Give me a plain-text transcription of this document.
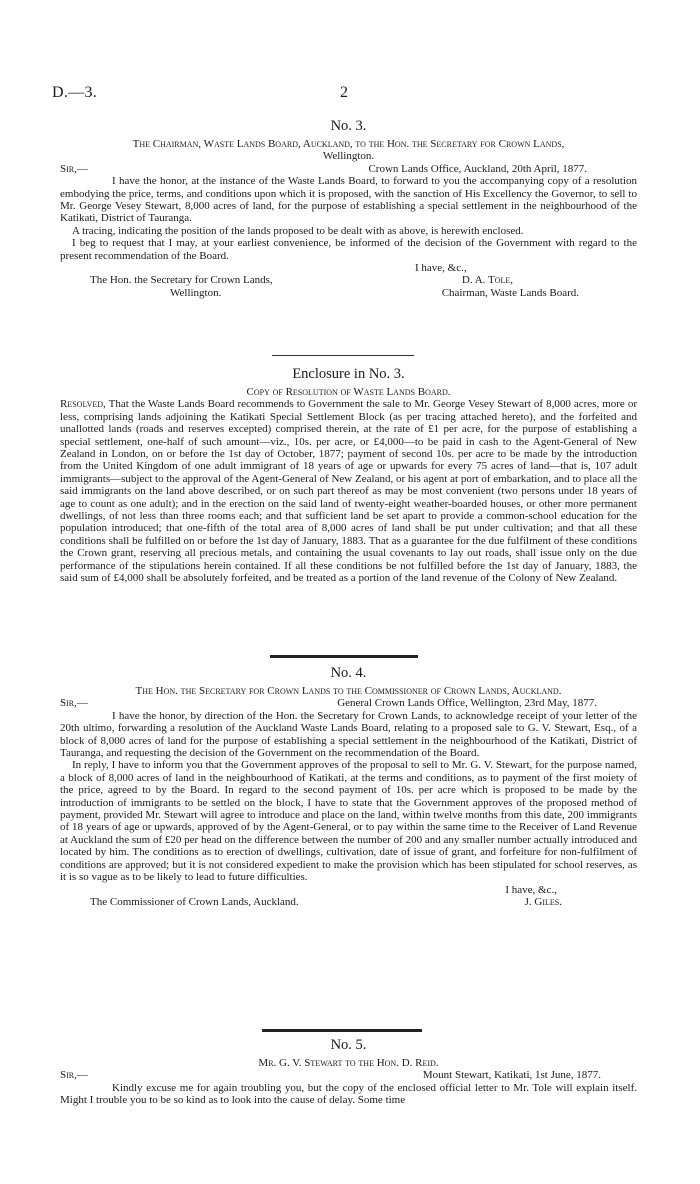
D.—3.	2
No. 3.
The Chairman, Waste Lands Board, Auckland, to the Hon. the Secretary for Crown Lands,
Wellington.
Sir,—	Crown Lands Office, Auckland, 20th April, 1877.

I have the honor, at the instance of the Waste Lands Board, to forward to you the accompanying copy of a resolution embodying the price, terms, and conditions upon which it is proposed, with the sanction of His Excellency the Governor, to sell to Mr. George Vesey Stewart, 8,000 acres of land, for the purpose of establishing a special settlement in the neighbourhood of the Katikati, District of Tauranga.

A tracing, indicating the position of the lands proposed to be dealt with as above, is herewith enclosed.

I beg to request that I may, at your earliest convenience, be informed of the decision of the Government with regard to the present recommendation of the Board.

I have, &c.,
The Hon. the Secretary for Crown Lands,	D. A. Tole,
Wellington.	Chairman, Waste Lands Board.
Enclosure in No. 3.
Copy of Resolution of Waste Lands Board.

Resolved, That the Waste Lands Board recommends to Government the sale to Mr. George Vesey Stewart of 8,000 acres, more or less, comprising lands adjoining the Katikati Special Settlement Block (as per tracing attached hereto), and the forfeited and unallotted lands (roads and reserves excepted) comprised therein, at the rate of £1 per acre, for the purpose of establishing a special settlement, one-half of such amount—viz., 10s. per acre, or £4,000—to be paid in cash to the Agent-General of New Zealand in London, on or before the 1st day of October, 1877; payment of second 10s. per acre to be made by the introduction from the United Kingdom of one adult immigrant of 18 years of age or upwards for every 75 acres of land—that is, 107 adult immigrants—subject to the approval of the Agent-General of New Zealand, or his agent at port of embarkation, and to place all the said immigrants on the land above described, or on such part thereof as may be most convenient (two persons under 18 years of age to count as one adult); and in the erection on the said land of twenty-eight weather-boarded houses, or other more permanent dwellings, of not less than three rooms each; and that sufficient land be set apart to provide a common-school education for the population introduced; that one-fifth of the total area of 8,000 acres of land shall be put under cultivation; and that all these conditions shall be fulfilled on or before the 1st day of January, 1883. That as a guarantee for the due fulfilment of these conditions the Crown grant, reserving all precious metals, and containing the usual covenants to lay out roads, shall issue only on the due performance of the stipulations herein contained. If all these conditions be not fulfilled before the 1st day of January, 1883, the said sum of £4,000 shall be absolutely forfeited, and be treated as a portion of the land revenue of the Colony of New Zealand.

No. 4.
The Hon. the Secretary for Crown Lands to the Commissioner of Crown Lands, Auckland.
Sir,—	General Crown Lands Office, Wellington, 23rd May, 1877.

I have the honor, by direction of the Hon. the Secretary for Crown Lands, to acknowledge receipt of your letter of the 20th ultimo, forwarding a resolution of the Auckland Waste Lands Board, relating to a proposed sale to G. V. Stewart, Esq., of a block of 8,000 acres of land for the purpose of establishing a special settlement in the neighbourhood of the Katikati, District of Tauranga, and requesting the decision of the Government on the recommendation of the Board.

In reply, I have to inform you that the Government approves of the proposal to sell to Mr. G. V. Stewart, for the purpose named, a block of 8,000 acres of land in the neighbourhood of Katikati, at the terms and conditions, as to payment of the first moiety of the price, agreed to by the Board. In regard to the second payment of 10s. per acre which is proposed to be made by the introduction of immigrants to be settled on the block, I have to state that the Government approves of the proposed method of payment, provided Mr. Stewart will agree to introduce and place on the land, within twelve months from this date, 200 immigrants of 18 years of age or upwards, approved of by the Agent-General, or to pay within the same time to the Receiver of Land Revenue at Auckland the sum of £20 per head on the difference between the number of 200 and any smaller number actually introduced and located by him. The conditions as to erection of dwellings, cultivation, date of issue of grant, and forfeiture for non-fulfilment of conditions are approved; but it is not considered expedient to make the provision which has been stipulated for school reserves, as it is so vague as to be likely to lead to future difficulties.

I have, &c.,
The Commissioner of Crown Lands, Auckland.	J. Giles.
No. 5.
Mr. G. V. Stewart to the Hon. D. Reid.
Sir,—	Mount Stewart, Katikati, 1st June, 1877.

Kindly excuse me for again troubling you, but the copy of the enclosed official letter to Mr. Tole will explain itself. Might I trouble you to be so kind as to look into the cause of delay. Some time
